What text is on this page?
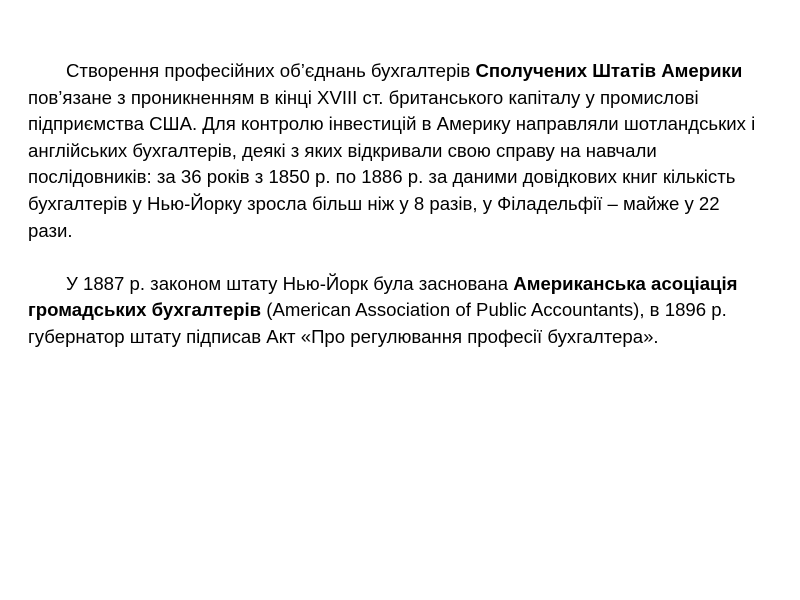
Створення професійних об’єднань бухгалтерів Сполучених Штатів Америки пов’язане з проникненням в кінці XVIII ст. британського капіталу у промислові підприємства США. Для контролю інвестицій в Америку направляли шотландських і англійських бухгалтерів, деякі з яких відкривали свою справу на навчали послідовників: за 36 років з 1850 р. по 1886 р. за даними довідкових книг кількість бухгалтерів у Нью-Йорку зросла більш ніж у 8 разів, у Філадельфії – майже у 22 рази.

У 1887 р. законом штату Нью-Йорк була заснована Американська асоціація громадських бухгалтерів (American Association of Public Accountants), в 1896 р. губернатор штату підписав Акт «Про регулювання професії бухгалтера».
